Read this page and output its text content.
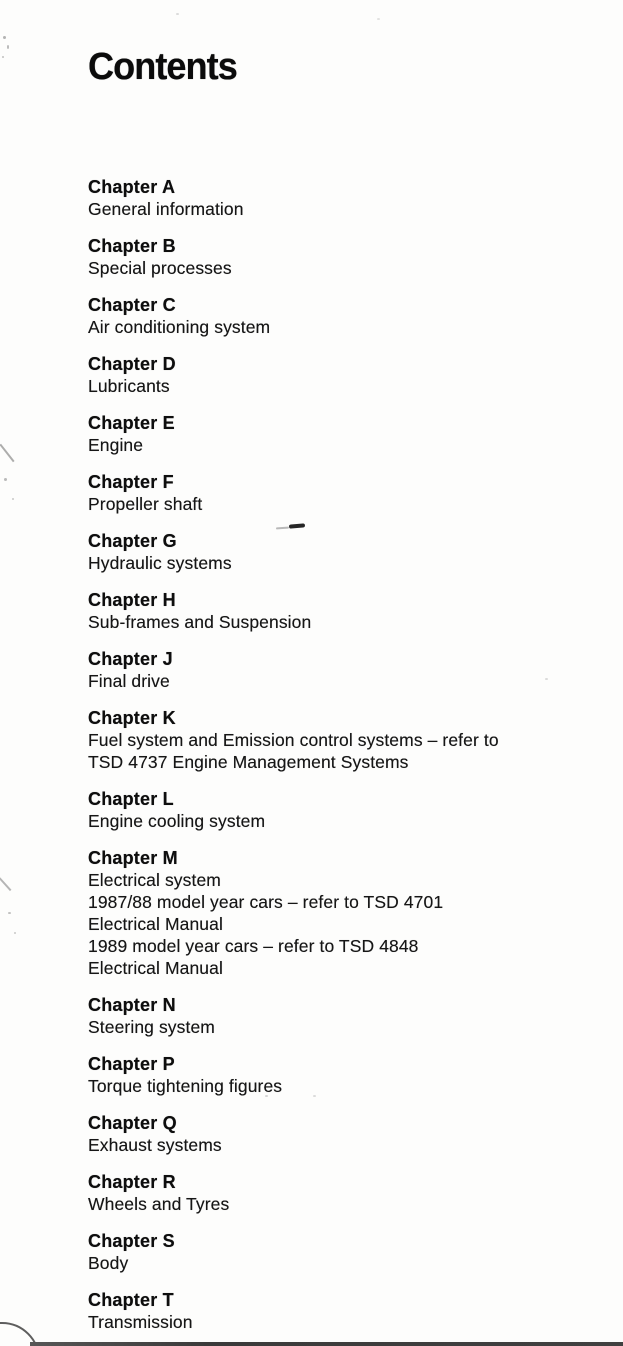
Contents
Chapter A
General information
Chapter B
Special processes
Chapter C
Air conditioning system
Chapter D
Lubricants
Chapter E
Engine
Chapter F
Propeller shaft
Chapter G
Hydraulic systems
Chapter H
Sub-frames and Suspension
Chapter J
Final drive
Chapter K
Fuel system and Emission control systems – refer to
TSD 4737 Engine Management Systems
Chapter L
Engine cooling system
Chapter M
Electrical system
1987/88 model year cars – refer to TSD 4701
Electrical Manual
1989 model year cars – refer to TSD 4848
Electrical Manual
Chapter N
Steering system
Chapter P
Torque tightening figures
Chapter Q
Exhaust systems
Chapter R
Wheels and Tyres
Chapter S
Body
Chapter T
Transmission
